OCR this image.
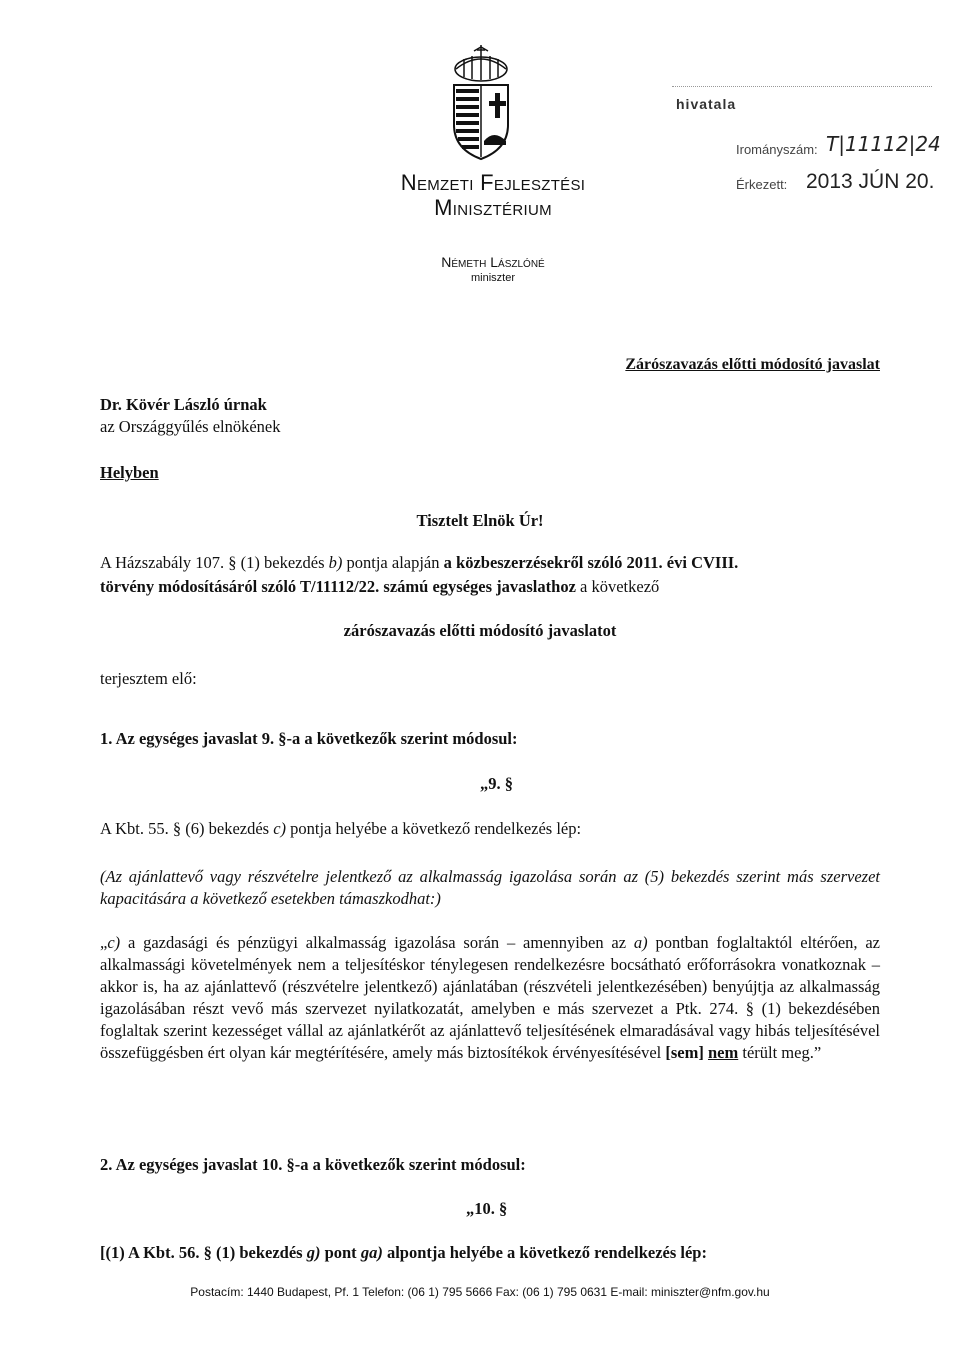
Nemzeti Fejlesztési
Minisztérium
Németh Lászlóné
miniszter
hivatala
Irományszám: T|11112|24
Érkezett: 2013 JÚN 20.
Zárószavazás előtti módosító javaslat
Dr. Kövér László úrnak
az Országgyűlés elnökének
Helyben
Tisztelt Elnök Úr!
A Házszabály 107. § (1) bekezdés b) pontja alapján a közbeszerzésekről szóló 2011. évi CVIII.
törvény módosításáról szóló T/11112/22. számú egységes javaslathoz a következő
zárószavazás előtti módosító javaslatot
terjesztem elő:
1. Az egységes javaslat 9. §-a a következők szerint módosul:
„9. §
A Kbt. 55. § (6) bekezdés c) pontja helyébe a következő rendelkezés lép:
(Az ajánlattevő vagy részvételre jelentkező az alkalmasság igazolása során az (5) bekezdés szerint más szervezet kapacitására a következő esetekben támaszkodhat:)
„c) a gazdasági és pénzügyi alkalmasság igazolása során – amennyiben az a) pontban foglaltaktól eltérően, az alkalmassági követelmények nem a teljesítéskor ténylegesen rendelkezésre bocsátható erőforrásokra vonatkoznak – akkor is, ha az ajánlattevő (részvételre jelentkező) ajánlatában (részvételi jelentkezésében) benyújtja az alkalmasság igazolásában részt vevő más szervezet nyilatkozatát, amelyben e más szervezet a Ptk. 274. § (1) bekezdésében foglaltak szerint kezességet vállal az ajánlatkérőt az ajánlattevő teljesítésének elmaradásával vagy hibás teljesítésével összefüggésben ért olyan kár megtérítésére, amely más biztosítékok érvényesítésével [sem] nem térült meg.”
2. Az egységes javaslat 10. §-a a következők szerint módosul:
„10. §
[(1) A Kbt. 56. § (1) bekezdés g) pont ga) alpontja helyébe a következő rendelkezés lép:
Postacím: 1440 Budapest, Pf. 1 Telefon: (06 1) 795 5666 Fax: (06 1) 795 0631 E-mail: miniszter@nfm.gov.hu
